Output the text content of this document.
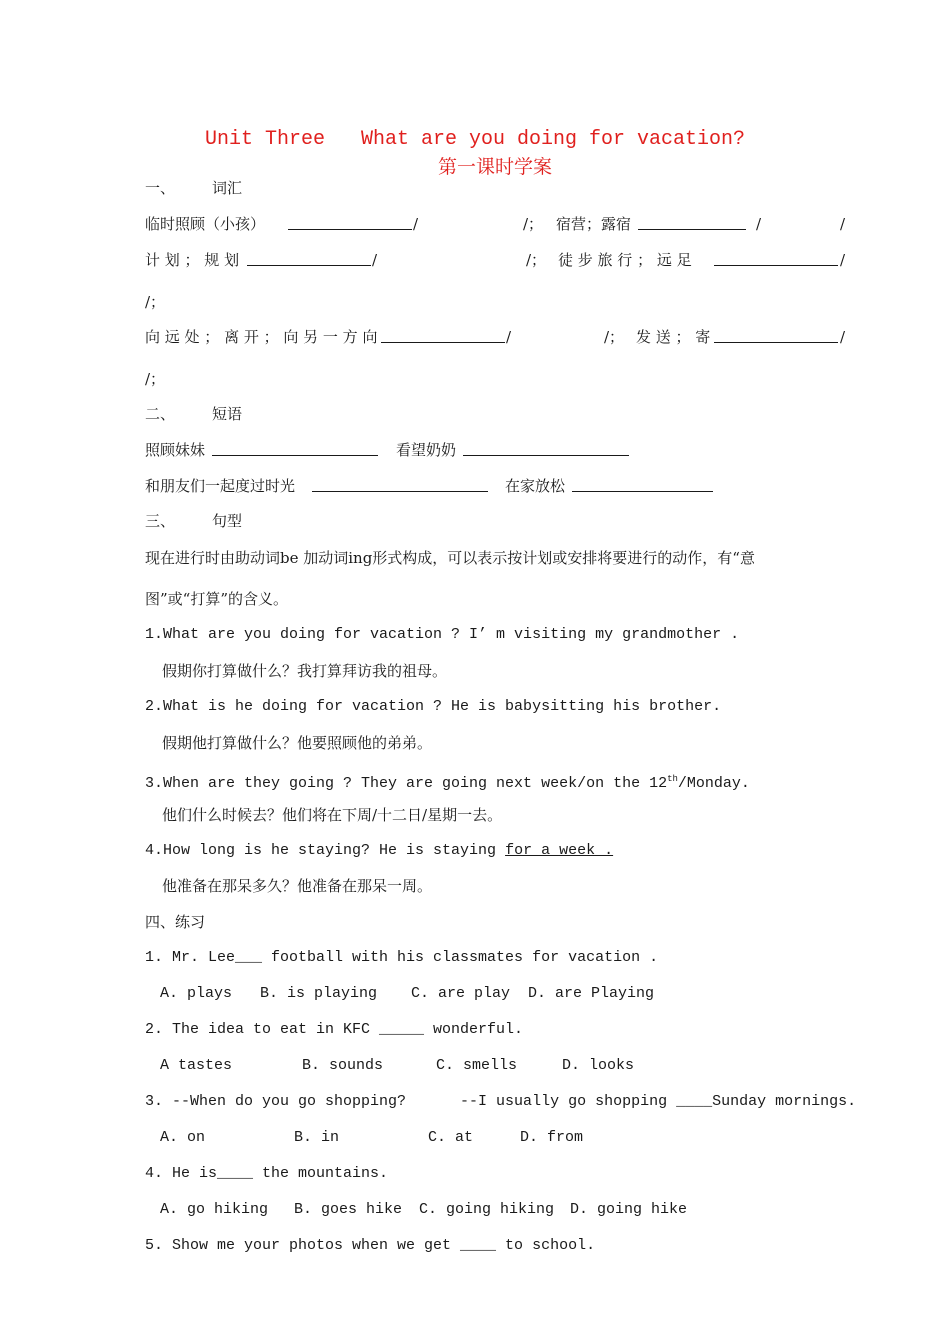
Unit Three   What are you doing for vacation?
第一课时学案
一、 词汇
临时照顾（小孩）	/	/； 宿营；露宿	/	/
计 划 ； 规 划	/	/； 徒 步 旅 行 ； 远 足	/
/；
向 远 处 ； 离 开 ； 向 另 一 方 向	/	/； 发 送 ； 寄	/
/；
二、 短语
照顾妹妹	看望奶奶
和朋友们一起度过时光	在家放松
三、 句型
现在进行时由助动词be 加动词ing形式构成，可以表示按计划或安排将要进行的动作，有“意
图”或“打算”的含义。
1.What are you doing for vacation ? I’ m visiting my grandmother .
假期你打算做什么？我打算拜访我的祖母。
2.What is he doing for vacation ? He is babysitting his brother.
假期他打算做什么？他要照顾他的弟弟。
3.When are they going ? They are going next week/on the 12th/Monday.
他们什么时候去？他们将在下周/十二日/星期一去。
4.How long is he staying? He is staying for a week .
他准备在那呆多久？他准备在那呆一周。
四、练习
1. Mr. Lee___ football with his classmates for vacation .
A. plays B. is playing C. are play D. are Playing
2. The idea to eat in KFC _____ wonderful.
A tastes	B. sounds	C. smells	D. looks
3. --When do you go shopping?      --I usually go shopping ____Sunday mornings.
A. on	B. in	C. at	D. from
4. He is____ the mountains.
A. go hiking B. goes hike C. going hiking D. going hike
5. Show me your photos when we get ____ to school.
